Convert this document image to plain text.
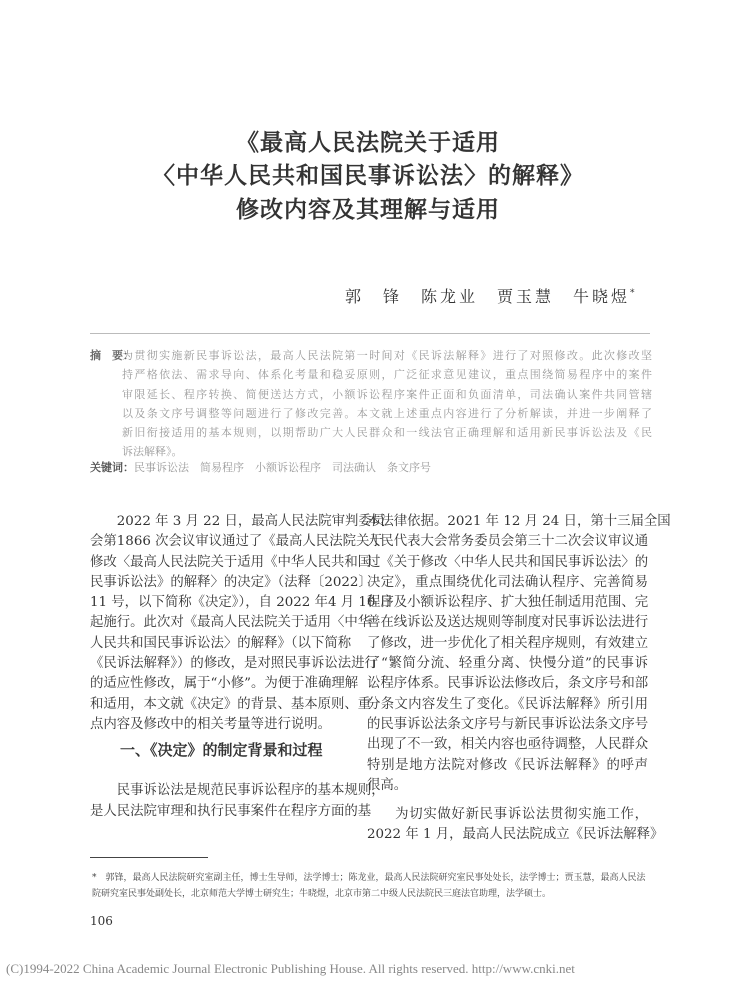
《最高人民法院关于适用
〈中华人民共和国民事诉讼法〉的解释》
修改内容及其理解与适用
郭　锋　陈龙业　贾玉慧　牛晓煜*
摘　要：
为贯彻实施新民事诉讼法，最高人民法院第一时间对《民诉法解释》进行了对照修改。此次修改坚
持严格依法、需求导向、体系化考量和稳妥原则，广泛征求意见建议，重点围绕简易程序中的案件
审限延长、程序转换、简便送达方式，小额诉讼程序案件正面和负面清单，司法确认案件共同管辖
以及条文序号调整等问题进行了修改完善。本文就上述重点内容进行了分析解读，并进一步阐释了
新旧衔接适用的基本规则，以期帮助广大人民群众和一线法官正确理解和适用新民事诉讼法及《民
诉法解释》。
关键词：民事诉讼法　简易程序　小额诉讼程序　司法确认　条文序号
　　2022 年 3 月 22 日，最高人民法院审判委员
会第1866 次会议审议通过了《最高人民法院关于
修改〈最高人民法院关于适用《中华人民共和国
民事诉讼法》的解释〉的决定》（法释〔2022〕
11 号，以下简称《决定》），自 2022 年4 月 10 日
起施行。此次对《最高人民法院关于适用〈中华
人民共和国民事诉讼法〉的解释》（以下简称
《民诉法解释》）的修改，是对照民事诉讼法进行
的适应性修改，属于“小修”。为便于准确理解
和适用，本文就《决定》的背景、基本原则、重
点内容及修改中的相关考量等进行说明。
一、《决定》的制定背景和过程
　　民事诉讼法是规范民事诉讼程序的基本规则，
是人民法院审理和执行民事案件在程序方面的基
本法律依据。2021 年 12 月 24 日，第十三届全国
人民代表大会常务委员会第三十二次会议审议通
过《关于修改〈中华人民共和国民事诉讼法〉的
决定》，重点围绕优化司法确认程序、完善简易
程序及小额诉讼程序、扩大独任制适用范围、完
善在线诉讼及送达规则等制度对民事诉讼法进行
了修改，进一步优化了相关程序规则，有效建立
了“繁简分流、轻重分离、快慢分道”的民事诉
讼程序体系。民事诉讼法修改后，条文序号和部
分条文内容发生了变化。《民诉法解释》所引用
的民事诉讼法条文序号与新民事诉讼法条文序号
出现了不一致，相关内容也亟待调整，人民群众
特别是地方法院对修改《民诉法解释》的呼声
很高。
　　为切实做好新民事诉讼法贯彻实施工作，
2022 年 1 月，最高人民法院成立《民诉法解释》
*　郭锋，最高人民法院研究室副主任，博士生导师，法学博士；陈龙业，最高人民法院研究室民事处处长，法学博士；贾玉慧，最高人民法
院研究室民事处副处长，北京师范大学博士研究生；牛晓煜，北京市第二中级人民法院民三庭法官助理，法学硕士。
106
(C)1994-2022 China Academic Journal Electronic Publishing House. All rights reserved. http://www.cnki.net
